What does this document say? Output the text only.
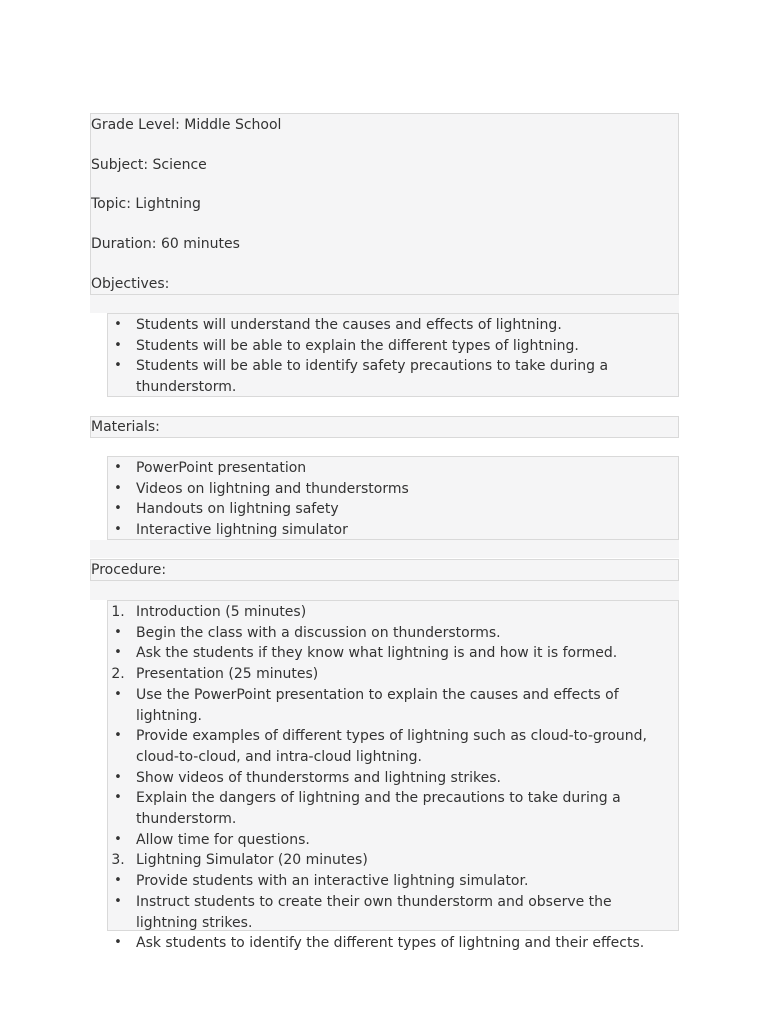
Grade Level: Middle School
Subject: Science
Topic: Lightning
Duration: 60 minutes
Objectives:
•	Students will understand the causes and effects of lightning.
•	Students will be able to explain the different types of lightning.
•	Students will be able to identify safety precautions to take during a thunderstorm.
Materials:
•	PowerPoint presentation
•	Videos on lightning and thunderstorms
•	Handouts on lightning safety
•	Interactive lightning simulator
Procedure:
1. Introduction (5 minutes)
•	Begin the class with a discussion on thunderstorms.
•	Ask the students if they know what lightning is and how it is formed.
2. Presentation (25 minutes)
•	Use the PowerPoint presentation to explain the causes and effects of lightning.
•	Provide examples of different types of lightning such as cloud-to-ground, cloud-to-cloud, and intra-cloud lightning.
•	Show videos of thunderstorms and lightning strikes.
•	Explain the dangers of lightning and the precautions to take during a thunderstorm.
•	Allow time for questions.
3. Lightning Simulator (20 minutes)
•	Provide students with an interactive lightning simulator.
•	Instruct students to create their own thunderstorm and observe the lightning strikes.
•	Ask students to identify the different types of lightning and their effects.
